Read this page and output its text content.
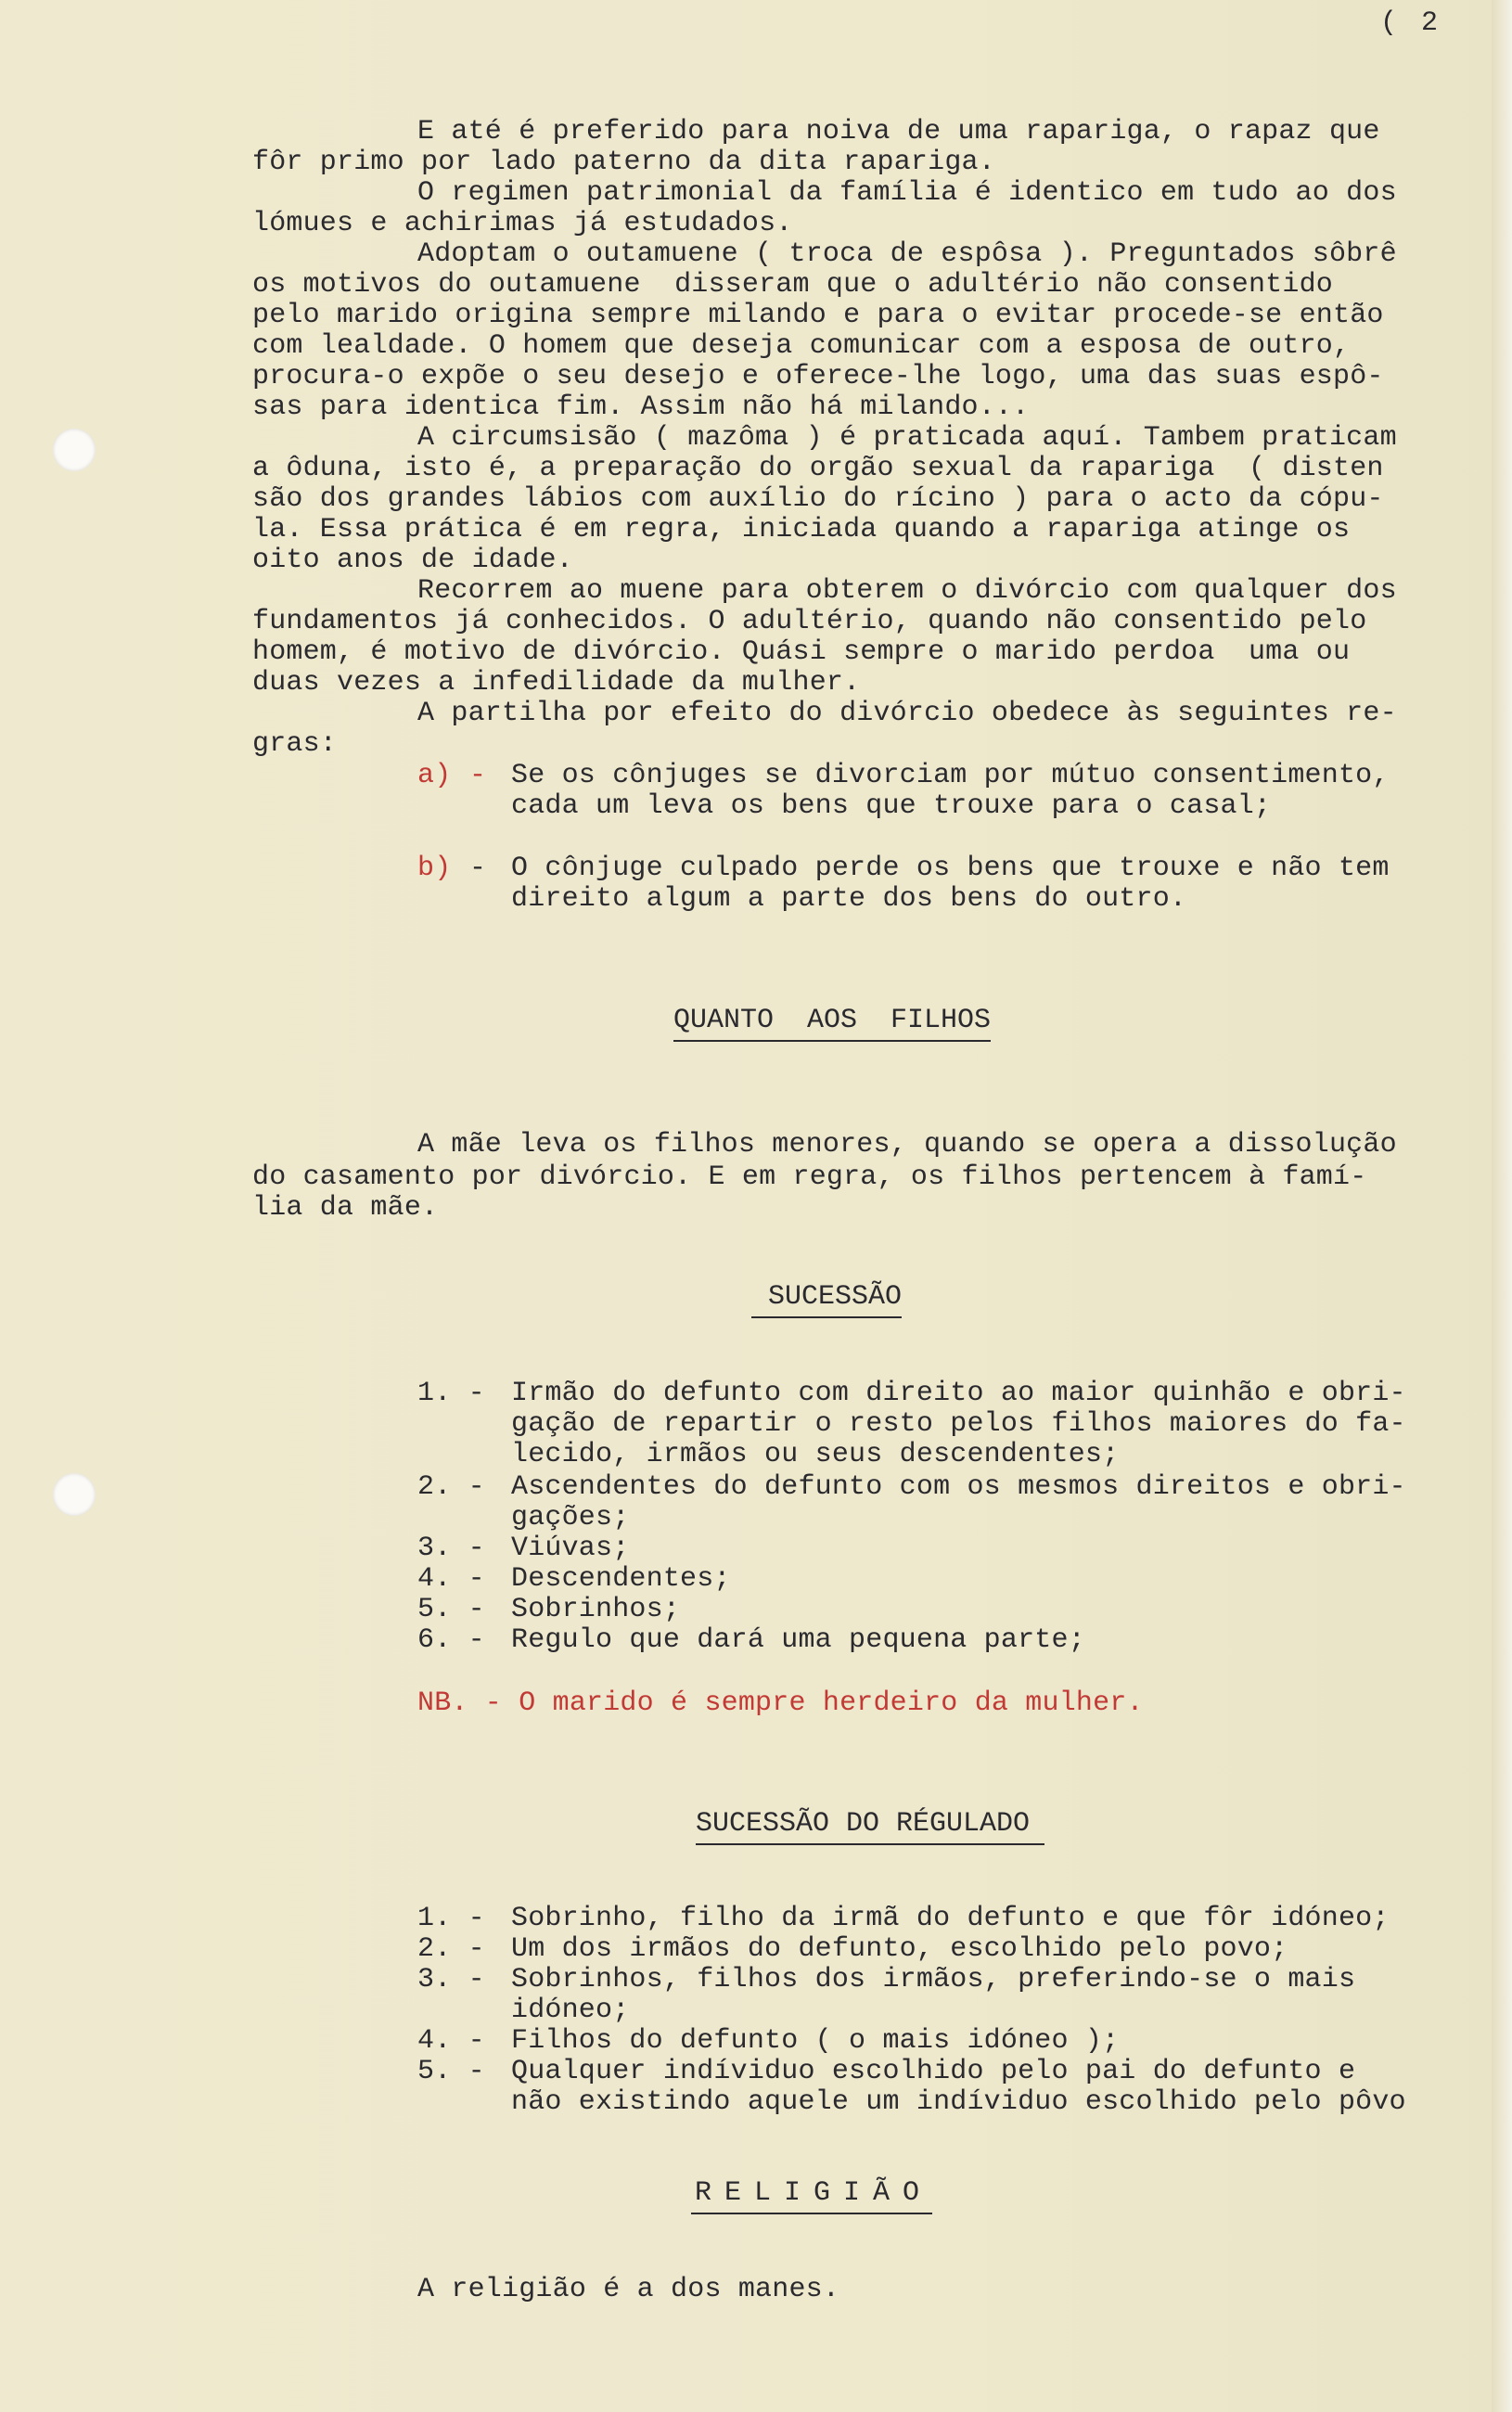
( 2
E até é preferido para noiva de uma rapariga, o rapaz que
fôr primo por lado paterno da dita rapariga.
O regimen patrimonial da família é identico em tudo ao dos
lómues e achirimas já estudados.
Adoptam o outamuene ( troca de espôsa ). Preguntados sôbrê
os motivos do outamuene  disseram que o adultério não consentido
pelo marido origina sempre milando e para o evitar procede-se então
com lealdade. O homem que deseja comunicar com a esposa de outro,
procura-o expõe o seu desejo e oferece-lhe logo, uma das suas espô-
sas para identica fim. Assim não há milando...
A circumsisão ( mazôma ) é praticada aquí. Tambem praticam
a ôduna, isto é, a preparação do orgão sexual da rapariga  ( disten
são dos grandes lábios com auxílio do rícino ) para o acto da cópu-
la. Essa prática é em regra, iniciada quando a rapariga atinge os
oito anos de idade.
Recorrem ao muene para obterem o divórcio com qualquer dos
fundamentos já conhecidos. O adultério, quando não consentido pelo
homem, é motivo de divórcio. Quási sempre o marido perdoa  uma ou
duas vezes a infedilidade da mulher.
A partilha por efeito do divórcio obedece às seguintes re-
gras:
a) - Se os cônjuges se divorciam por mútuo consentimento,
cada um leva os bens que trouxe para o casal;
b) - O cônjuge culpado perde os bens que trouxe e não tem
direito algum a parte dos bens do outro.
QUANTO  AOS  FILHOS
A mãe leva os filhos menores, quando se opera a dissolução
do casamento por divórcio. E em regra, os filhos pertencem à famí-
lia da mãe.
SUCESSÃO
1. - Irmão do defunto com direito ao maior quinhão e obri-
gação de repartir o resto pelos filhos maiores do fa-
lecido, irmãos ou seus descendentes;
2. - Ascendentes do defunto com os mesmos direitos e obri-
gações;
3. - Viúvas;
4. - Descendentes;
5. - Sobrinhos;
6. - Regulo que dará uma pequena parte;
NB. - O marido é sempre herdeiro da mulher.
SUCESSÃO DO RÉGULADO
1. - Sobrinho, filho da irmã do defunto e que fôr idóneo;
2. - Um dos irmãos do defunto, escolhido pelo povo;
3. - Sobrinhos, filhos dos irmãos, preferindo-se o mais
idóneo;
4. - Filhos do defunto ( o mais idóneo );
5. - Qualquer indíviduo escolhido pelo pai do defunto e
não existindo aquele um indíviduo escolhido pelo pôvo
RELIGIÃO
A religião é a dos manes.
